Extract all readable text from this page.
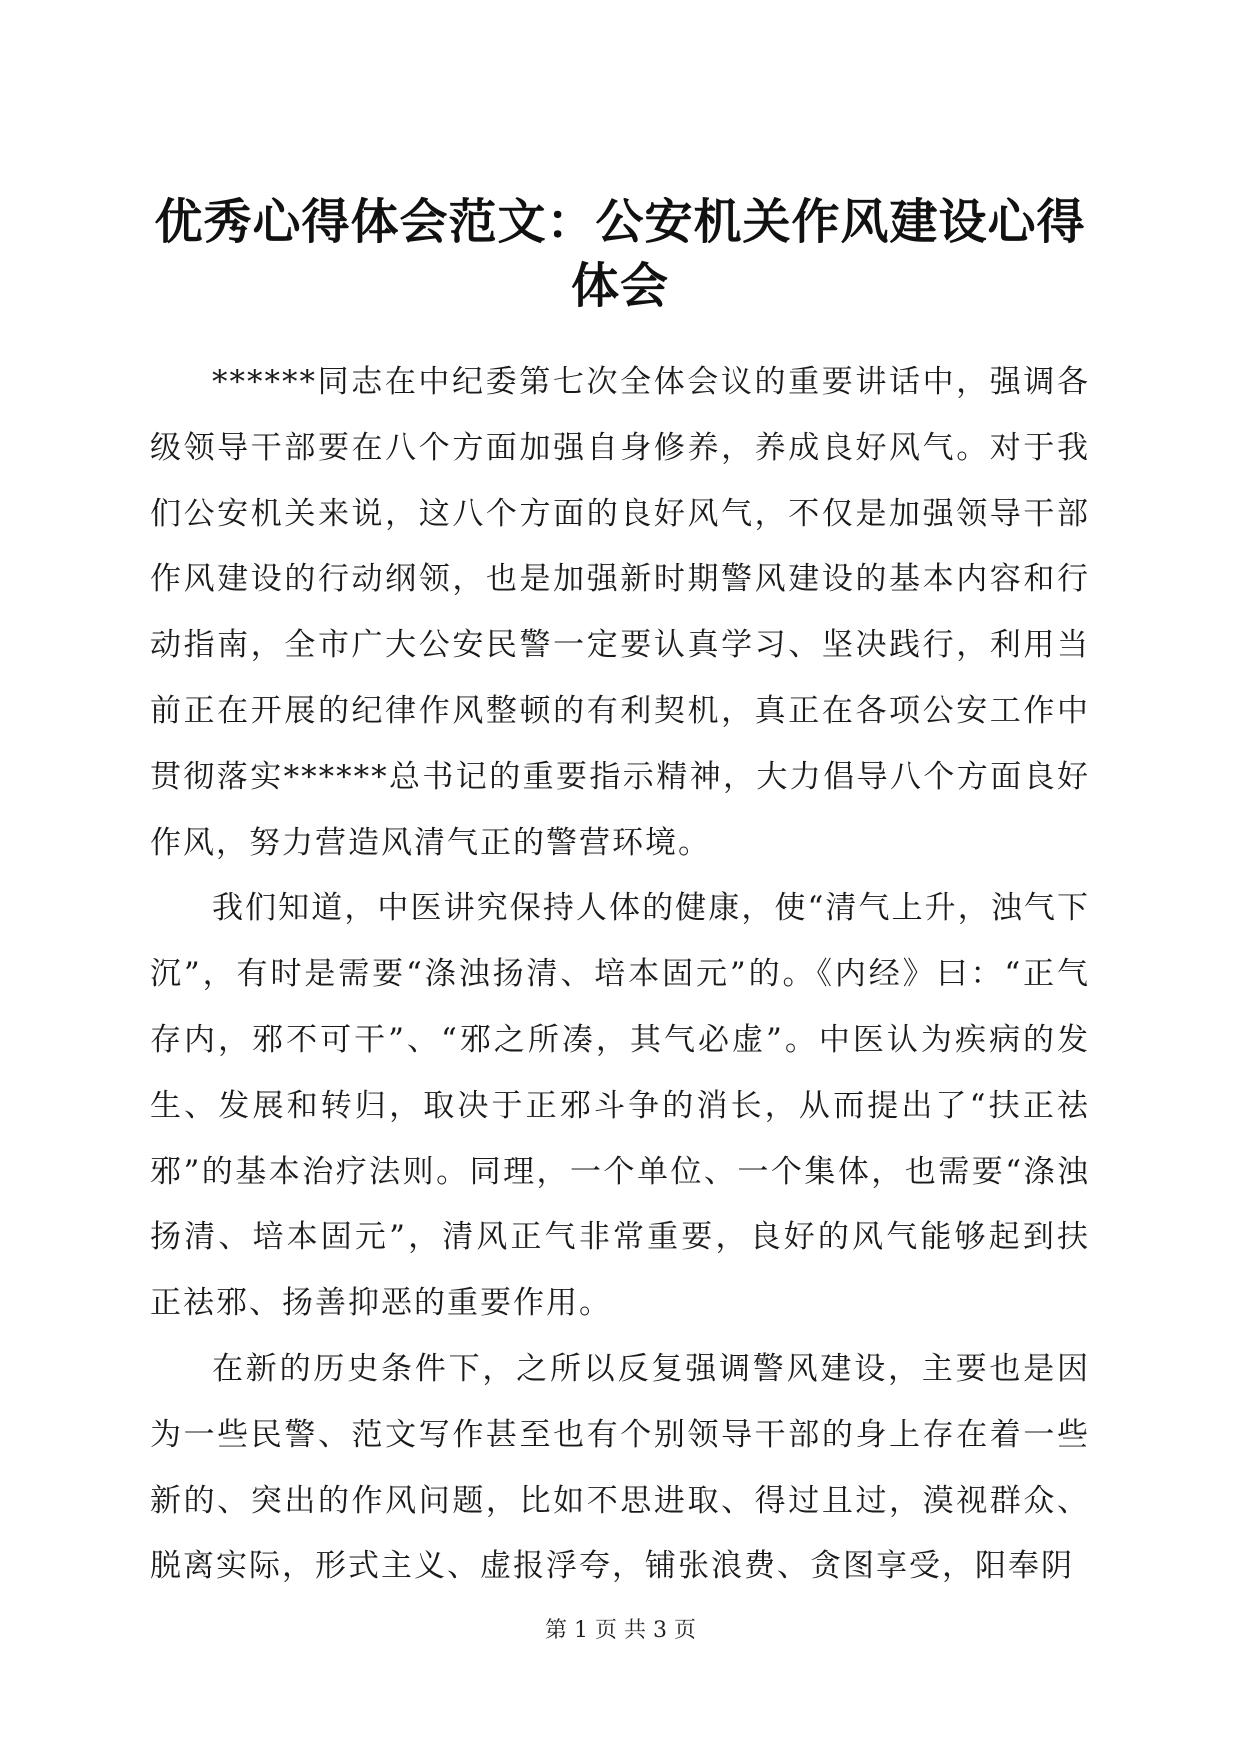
优秀心得体会范文：公安机关作风建设心得体会

******同志在中纪委第七次全体会议的重要讲话中，强调各级领导干部要在八个方面加强自身修养，养成良好风气。对于我们公安机关来说，这八个方面的良好风气，不仅是加强领导干部作风建设的行动纲领，也是加强新时期警风建设的基本内容和行动指南，全市广大公安民警一定要认真学习、坚决践行，利用当前正在开展的纪律作风整顿的有利契机，真正在各项公安工作中贯彻落实******总书记的重要指示精神，大力倡导八个方面良好作风，努力营造风清气正的警营环境。

我们知道，中医讲究保持人体的健康，使“清气上升，浊气下沉”，有时是需要“涤浊扬清、培本固元”的。《内经》曰：“正气存内，邪不可干”、“邪之所凑，其气必虚”。中医认为疾病的发生、发展和转归，取决于正邪斗争的消长，从而提出了“扶正祛邪”的基本治疗法则。同理，一个单位、一个集体，也需要“涤浊扬清、培本固元”，清风正气非常重要，良好的风气能够起到扶正祛邪、扬善抑恶的重要作用。

在新的历史条件下，之所以反复强调警风建设，主要也是因为一些民警、范文写作甚至也有个别领导干部的身上存在着一些新的、突出的作风问题，比如不思进取、得过且过，漠视群众、脱离实际，形式主义、虚报浮夸，铺张浪费、贪图享受，阳奉阴

第 1 页 共 3 页
